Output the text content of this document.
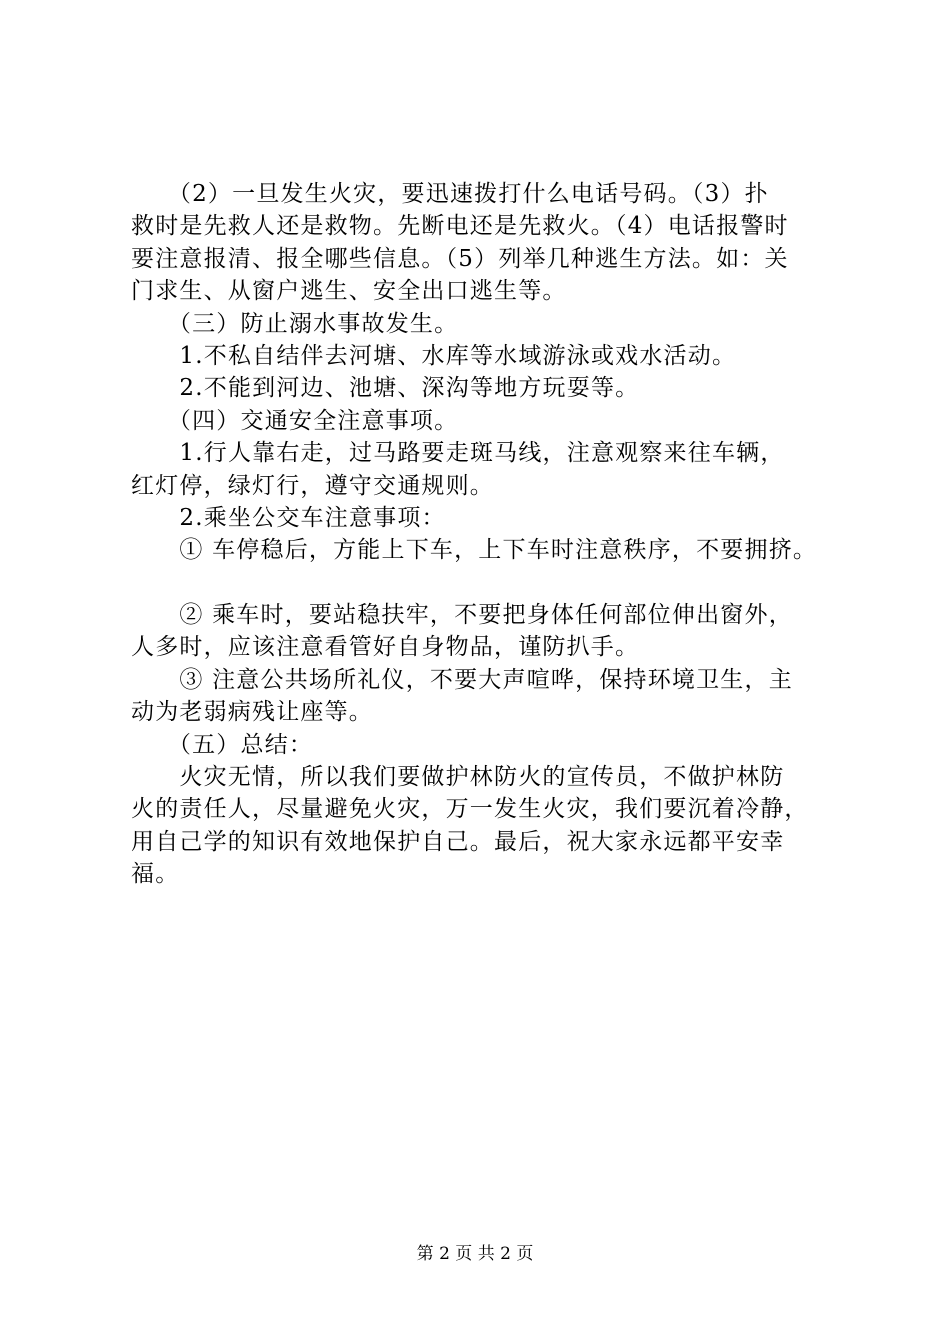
　　（2）一旦发生火灾，要迅速拨打什么电话号码。（3）扑
救时是先救人还是救物。先断电还是先救火。（4）电话报警时
要注意报清、报全哪些信息。（5）列举几种逃生方法。如：关
门求生、从窗户逃生、安全出口逃生等。
　　（三）防止溺水事故发生。
　　1.不私自结伴去河塘、水库等水域游泳或戏水活动。
　　2.不能到河边、池塘、深沟等地方玩耍等。
　　（四）交通安全注意事项。
　　1.行人靠右走，过马路要走斑马线，注意观察来往车辆，
红灯停，绿灯行，遵守交通规则。
　　2.乘坐公交车注意事项：
　　① 车停稳后，方能上下车，上下车时注意秩序，不要拥挤。
　　② 乘车时，要站稳扶牢，不要把身体任何部位伸出窗外，
人多时，应该注意看管好自身物品，谨防扒手。
　　③ 注意公共场所礼仪，不要大声喧哗，保持环境卫生，主
动为老弱病残让座等。
　　（五）总结：
　　火灾无情，所以我们要做护林防火的宣传员，不做护林防
火的责任人，尽量避免火灾，万一发生火灾，我们要沉着冷静，
用自己学的知识有效地保护自己。最后，祝大家永远都平安幸
福。
第 2 页 共 2 页
